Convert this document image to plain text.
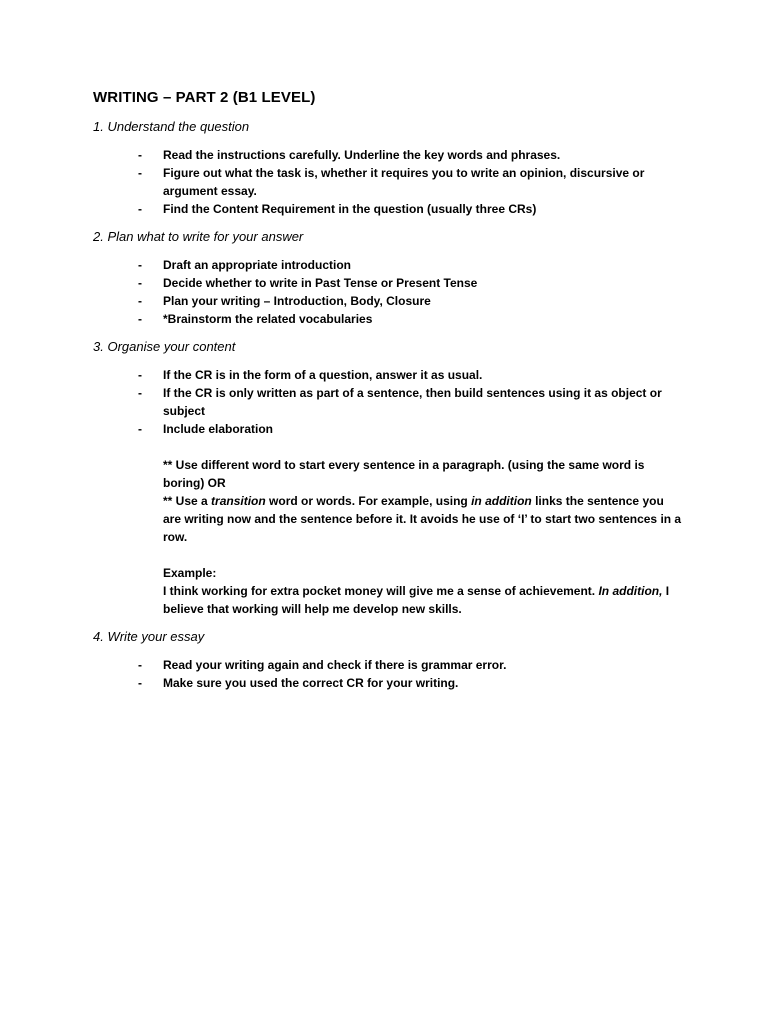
WRITING – PART 2 (B1 LEVEL)
1. Understand the question
- Read the instructions carefully. Underline the key words and phrases.
- Figure out what the task is, whether it requires you to write an opinion, discursive or argument essay.
- Find the Content Requirement in the question (usually three CRs)
2. Plan what to write for your answer
- Draft an appropriate introduction
- Decide whether to write in Past Tense or Present Tense
- Plan your writing – Introduction, Body, Closure
- *Brainstorm the related vocabularies
3. Organise your content
- If the CR is in the form of a question, answer it as usual.
- If the CR is only written as part of a sentence, then build sentences using it as object or subject
- Include elaboration

** Use different word to start every sentence in a paragraph. (using the same word is boring) OR

** Use a transition word or words. For example, using in addition links the sentence you are writing now and the sentence before it. It avoids he use of ‘I’ to start two sentences in a row.

Example:

I think working for extra pocket money will give me a sense of achievement. In addition, I believe that working will help me develop new skills.

4. Write your essay
- Read your writing again and check if there is grammar error.
- Make sure you used the correct CR for your writing.
